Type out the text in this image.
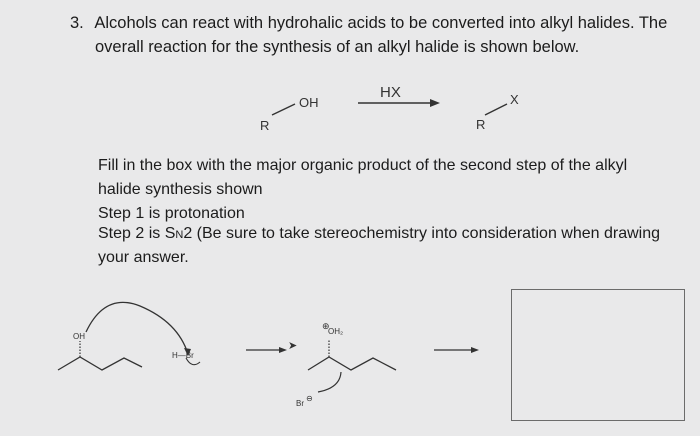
3. Alcohols can react with hydrohalic acids to be converted into alkyl halides. The
overall reaction for the synthesis of an alkyl halide is shown below.
OH
R
HX	X
R
Fill in the box with the major organic product of the second step of the alkyl
halide synthesis shown
Step 1 is protonation
Step 2 is SN2 (Be sure to take stereochemistry into consideration when drawing
your answer.
OH
H—Br
➤
⊕
OH₂
Br
⊖
